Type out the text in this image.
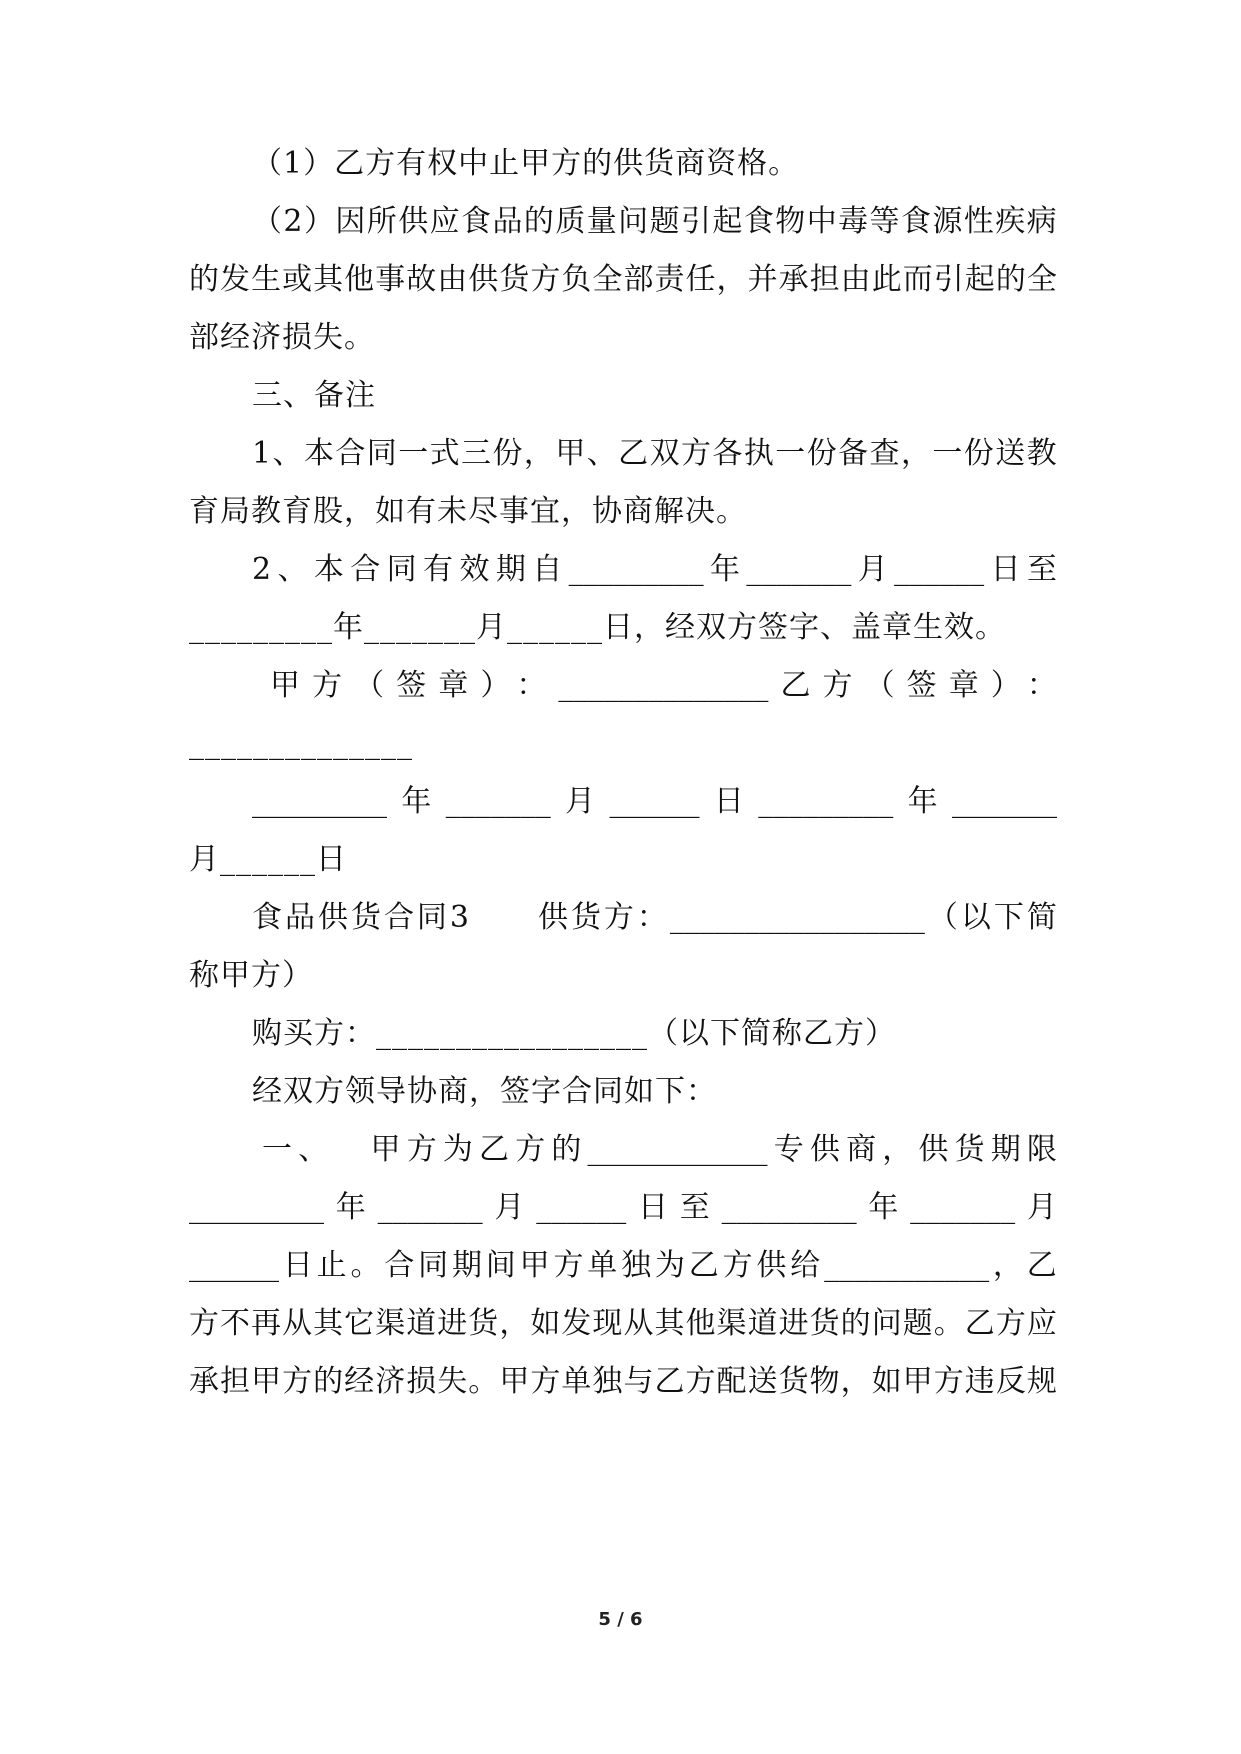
（1）乙方有权中止甲方的供货商资格。
（ 2 ） 因 所 供 应 食 品 的 质 量 问 题 引 起 食 物 中 毒 等 食 源 性 疾 病
的 发 生 或 其 他 事 故 由 供 货 方 负 全 部 责 任 ， 并 承 担 由 此 而 引 起 的 全
部经济损失。
三、备注
1 、 本 合 同 一 式 三 份 ， 甲 、 乙 双 方 各 执 一 份 备 查 ， 一 份 送 教
育局教育股，如有未尽事宜，协商解决。
2 、 本 合 同 有 效 期 自 _________ 年 _______ 月 ______ 日 至
_________年_______月______日，经双方签字、盖章生效。
甲 方 （ 签 章 ） ： ______________ 乙 方 （ 签 章 ） ：
______________
_________ 年 _______ 月 ______ 日 _________ 年 _______
月______日
食 品 供 货 合 同 3

　 供 货 方 ： _________________ （ 以 下 简
称甲方）
购买方：_________________（以下简称乙方）
经双方领导协商，签字合同如下：
一 、
　 甲 方 为 乙 方 的 ____________ 专 供 商 ， 供 货 期 限
_________ 年 _______ 月 ______ 日 至 _________ 年 _______ 月
______ 日 止 。 合 同 期 间 甲 方 单 独 为 乙 方 供 给 ___________ ， 乙
方 不 再 从 其 它 渠 道 进 货 ， 如 发 现 从 其 他 渠 道 进 货 的 问 题 。 乙 方 应
承 担 甲 方 的 经 济 损 失 。 甲 方 单 独 与 乙 方 配 送 货 物 ， 如 甲 方 违 反 规
5 / 6
